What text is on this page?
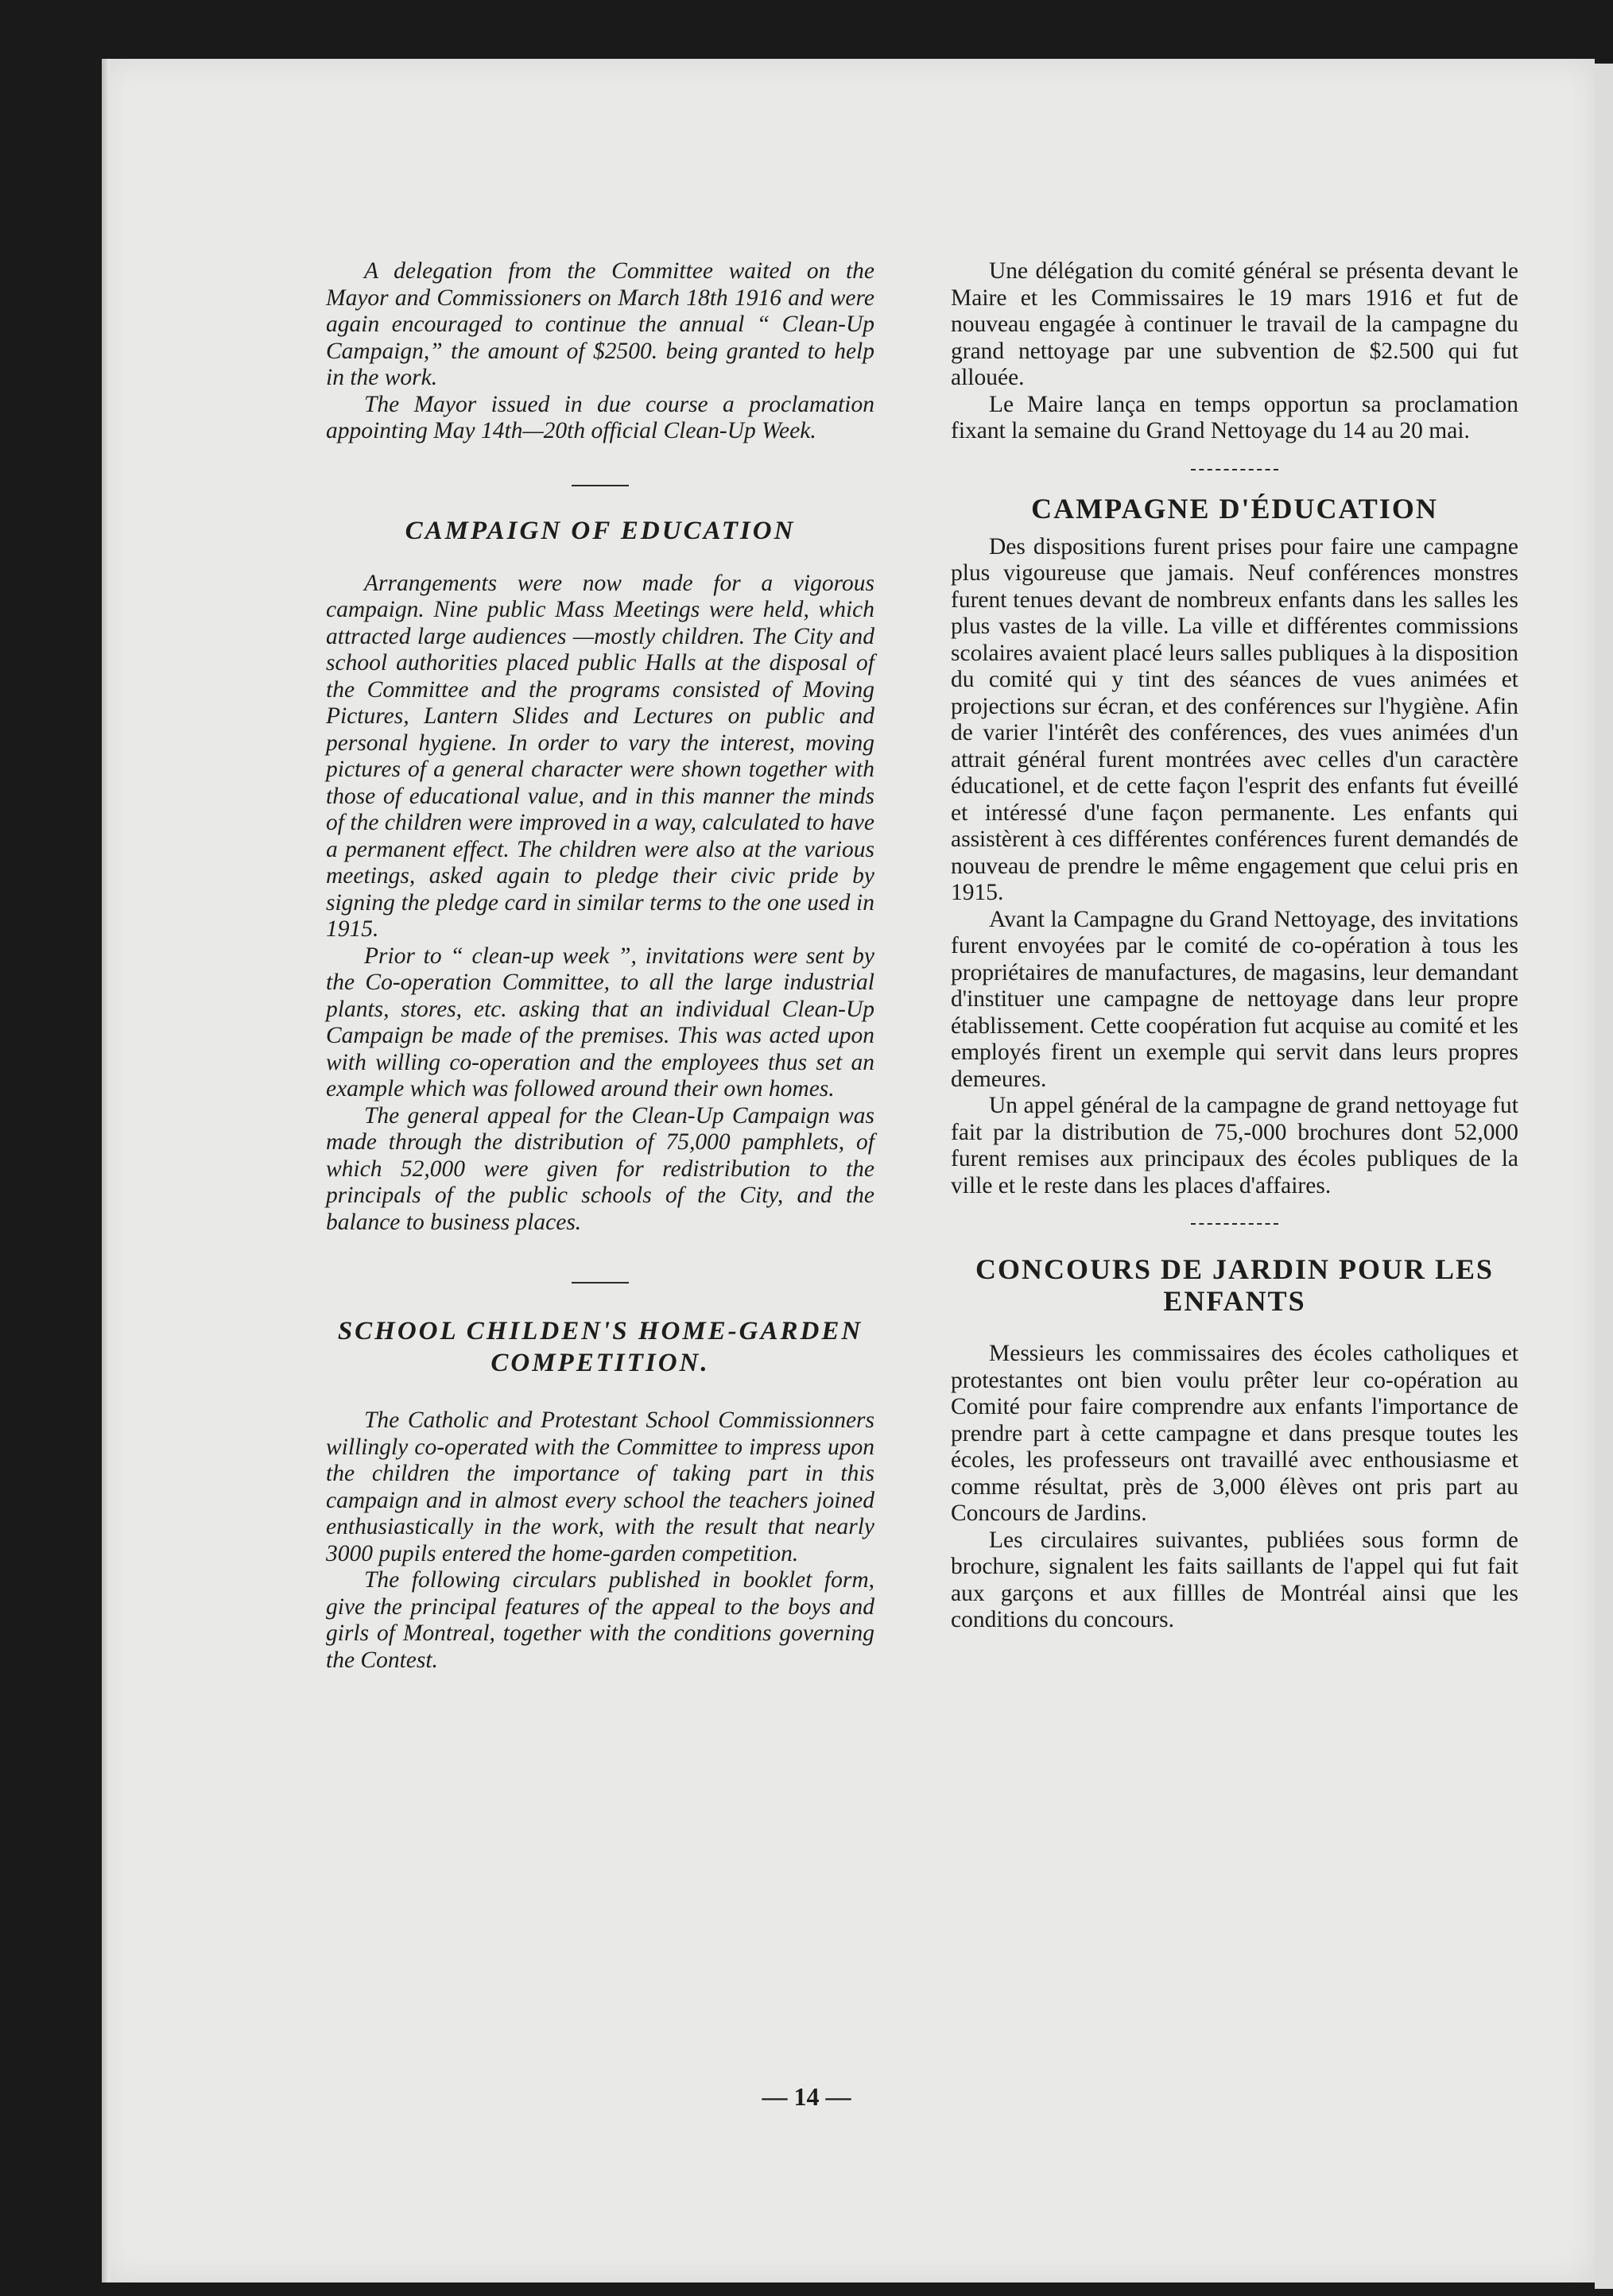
A delegation from the Committee waited on the Mayor and Commissioners on March 18th 1916 and were again encouraged to continue the annual “ Clean-Up Campaign,” the amount of $2500. being granted to help in the work.

The Mayor issued in due course a proclamation appointing May 14th—20th official Clean-Up Week.

CAMPAIGN OF EDUCATION

Arrangements were now made for a vigorous campaign. Nine public Mass Meetings were held, which attracted large audiences —mostly children. The City and school authorities placed public Halls at the disposal of the Committee and the programs consisted of Moving Pictures, Lantern Slides and Lectures on public and personal hygiene. In order to vary the interest, moving pictures of a general character were shown together with those of educational value, and in this manner the minds of the children were improved in a way, calculated to have a permanent effect. The children were also at the various meetings, asked again to pledge their civic pride by signing the pledge card in similar terms to the one used in 1915.

Prior to “ clean-up week ”, invitations were sent by the Co-operation Committee, to all the large industrial plants, stores, etc. asking that an individual Clean-Up Campaign be made of the premises. This was acted upon with willing co-operation and the employees thus set an example which was followed around their own homes.

The general appeal for the Clean-Up Campaign was made through the distribution of 75,000 pamphlets, of which 52,000 were given for redistribution to the principals of the public schools of the City, and the balance to business places.

SCHOOL CHILDEN'S HOME-GARDEN COMPETITION.

The Catholic and Protestant School Commissionners willingly co-operated with the Committee to impress upon the children the importance of taking part in this campaign and in almost every school the teachers joined enthusiastically in the work, with the result that nearly 3000 pupils entered the home-garden competition.

The following circulars published in booklet form, give the principal features of the appeal to the boys and girls of Montreal, together with the conditions governing the Contest.

Une délégation du comité général se présenta devant le Maire et les Commissaires le 19 mars 1916 et fut de nouveau engagée à continuer le travail de la campagne du grand nettoyage par une subvention de $2.500 qui fut allouée.

Le Maire lança en temps opportun sa proclamation fixant la semaine du Grand Nettoyage du 14 au 20 mai.

CAMPAGNE D'ÉDUCATION

Des dispositions furent prises pour faire une campagne plus vigoureuse que jamais. Neuf conférences monstres furent tenues devant de nombreux enfants dans les salles les plus vastes de la ville. La ville et différentes commissions scolaires avaient placé leurs salles publiques à la disposition du comité qui y tint des séances de vues animées et projections sur écran, et des conférences sur l'hygiène. Afin de varier l'intérêt des conférences, des vues animées d'un attrait général furent montrées avec celles d'un caractère éducationel, et de cette façon l'esprit des enfants fut éveillé et intéressé d'une façon permanente. Les enfants qui assistèrent à ces différentes conférences furent demandés de nouveau de prendre le même engagement que celui pris en 1915.

Avant la Campagne du Grand Nettoyage, des invitations furent envoyées par le comité de co-opération à tous les propriétaires de manufactures, de magasins, leur demandant d'instituer une campagne de nettoyage dans leur propre établissement. Cette coopération fut acquise au comité et les employés firent un exemple qui servit dans leurs propres demeures.

Un appel général de la campagne de grand nettoyage fut fait par la distribution de 75,-000 brochures dont 52,000 furent remises aux principaux des écoles publiques de la ville et le reste dans les places d'affaires.

CONCOURS DE JARDIN POUR LES ENFANTS

Messieurs les commissaires des écoles catholiques et protestantes ont bien voulu prêter leur co-opération au Comité pour faire comprendre aux enfants l'importance de prendre part à cette campagne et dans presque toutes les écoles, les professeurs ont travaillé avec enthousiasme et comme résultat, près de 3,000 élèves ont pris part au Concours de Jardins.

Les circulaires suivantes, publiées sous formn de brochure, signalent les faits saillants de l'appel qui fut fait aux garçons et aux fillles de Montréal ainsi que les conditions du concours.

— 14 —
